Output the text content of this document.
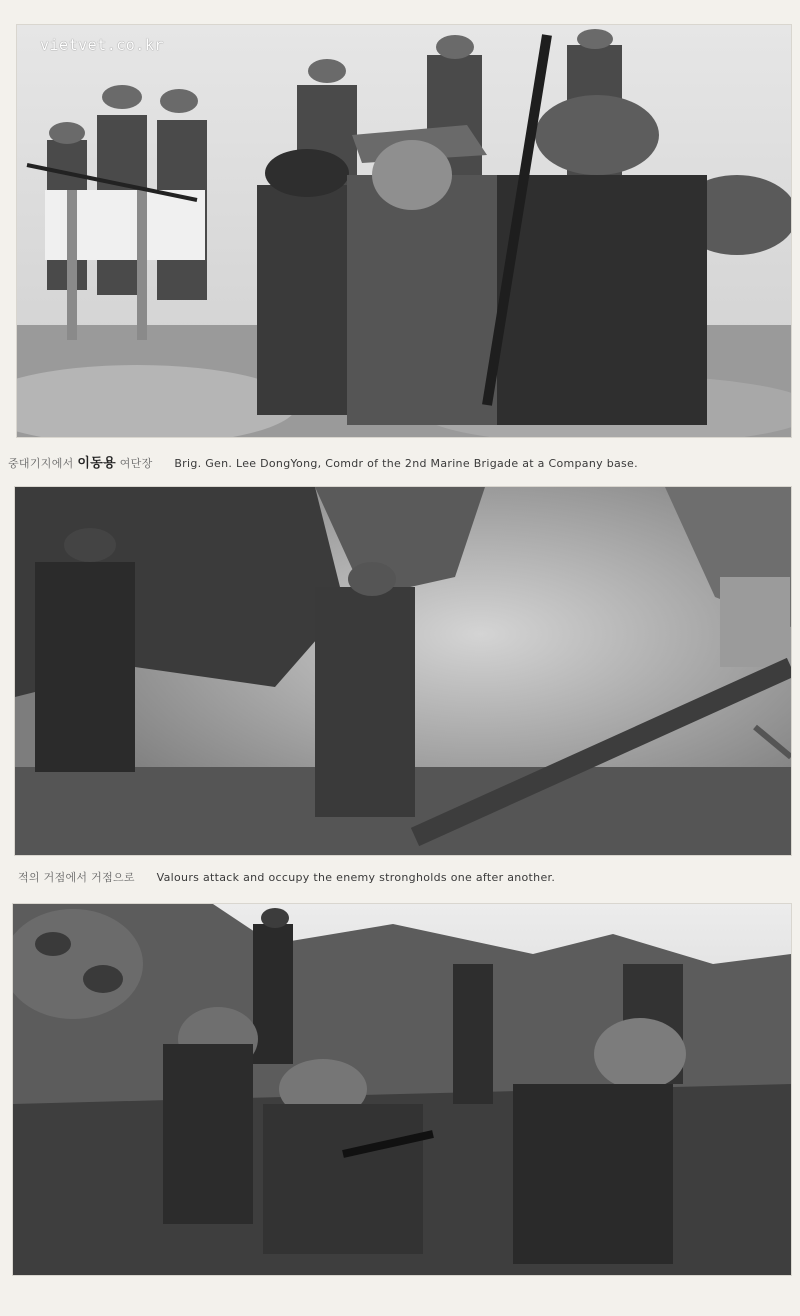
vietvet.co.kr
중대기지에서 이동용 여단장 Brig. Gen. Lee DongYong, Comdr of the 2nd Marine Brigade at a Company base.
적의 거점에서 거점으로 Valours attack and occupy the enemy strongholds one after another.
